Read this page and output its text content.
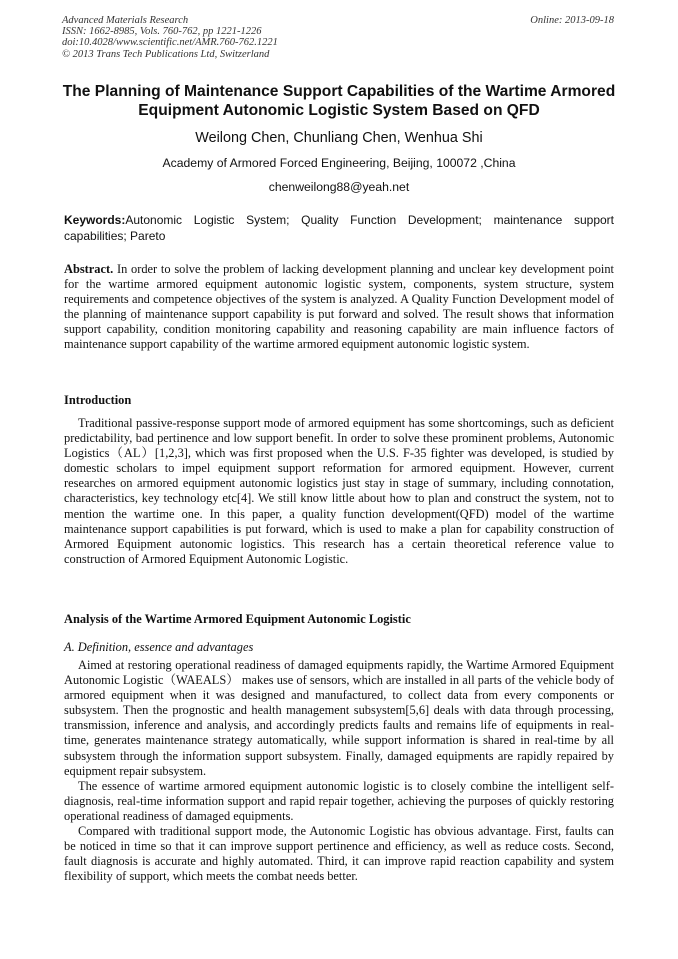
Advanced Materials Research
ISSN: 1662-8985, Vols. 760-762, pp 1221-1226
doi:10.4028/www.scientific.net/AMR.760-762.1221
© 2013 Trans Tech Publications Ltd, Switzerland
Online: 2013-09-18
The Planning of Maintenance Support Capabilities of the Wartime Armored Equipment Autonomic Logistic System Based on QFD
Weilong Chen, Chunliang Chen, Wenhua Shi
Academy of Armored Forced Engineering, Beijing, 100072 ,China
chenweilong88@yeah.net
Keywords:Autonomic Logistic System; Quality Function Development; maintenance support capabilities; Pareto
Abstract. In order to solve the problem of lacking development planning and unclear key development point for the wartime armored equipment autonomic logistic system, components, system structure, system requirements and competence objectives of the system is analyzed. A Quality Function Development model of the planning of maintenance support capability is put forward and solved. The result shows that information support capability, condition monitoring capability and reasoning capability are main influence factors of maintenance support capability of the wartime armored equipment autonomic logistic system.
Introduction

Traditional passive-response support mode of armored equipment has some shortcomings, such as deficient predictability, bad pertinence and low support benefit. In order to solve these prominent problems, Autonomic Logistics（AL）[1,2,3], which was first proposed when the U.S. F-35 fighter was developed, is studied by domestic scholars to impel equipment support reformation for armored equipment. However, current researches on armored equipment autonomic logistics just stay in stage of summary, including connotation, characteristics, key technology etc[4]. We still know little about how to plan and construct the system, not to mention the wartime one. In this paper, a quality function development(QFD) model of the wartime maintenance support capabilities is put forward, which is used to make a plan for capability construction of Armored Equipment autonomic logistics. This research has a certain theoretical reference value to construction of Armored Equipment Autonomic Logistic.

Analysis of the Wartime Armored Equipment Autonomic Logistic
A. Definition, essence and advantages

Aimed at restoring operational readiness of damaged equipments rapidly, the Wartime Armored Equipment Autonomic Logistic（WAEALS） makes use of sensors, which are installed in all parts of the vehicle body of armored equipment when it was designed and manufactured, to collect data from every components or subsystem. Then the prognostic and health management subsystem[5,6] deals with data through processing, transmission, inference and analysis, and accordingly predicts faults and remains life of equipments in real-time, generates maintenance strategy automatically, while support information is shared in real-time by all subsystem through the information support subsystem. Finally, damaged equipments are rapidly repaired by equipment repair subsystem.

The essence of wartime armored equipment autonomic logistic is to closely combine the intelligent self-diagnosis, real-time information support and rapid repair together, achieving the purposes of quickly restoring operational readiness of damaged equipments.

Compared with traditional support mode, the Autonomic Logistic has obvious advantage. First, faults can be noticed in time so that it can improve support pertinence and efficiency, as well as reduce costs. Second, fault diagnosis is accurate and highly automated. Third, it can improve rapid reaction capability and system flexibility of support, which meets the combat needs better.
